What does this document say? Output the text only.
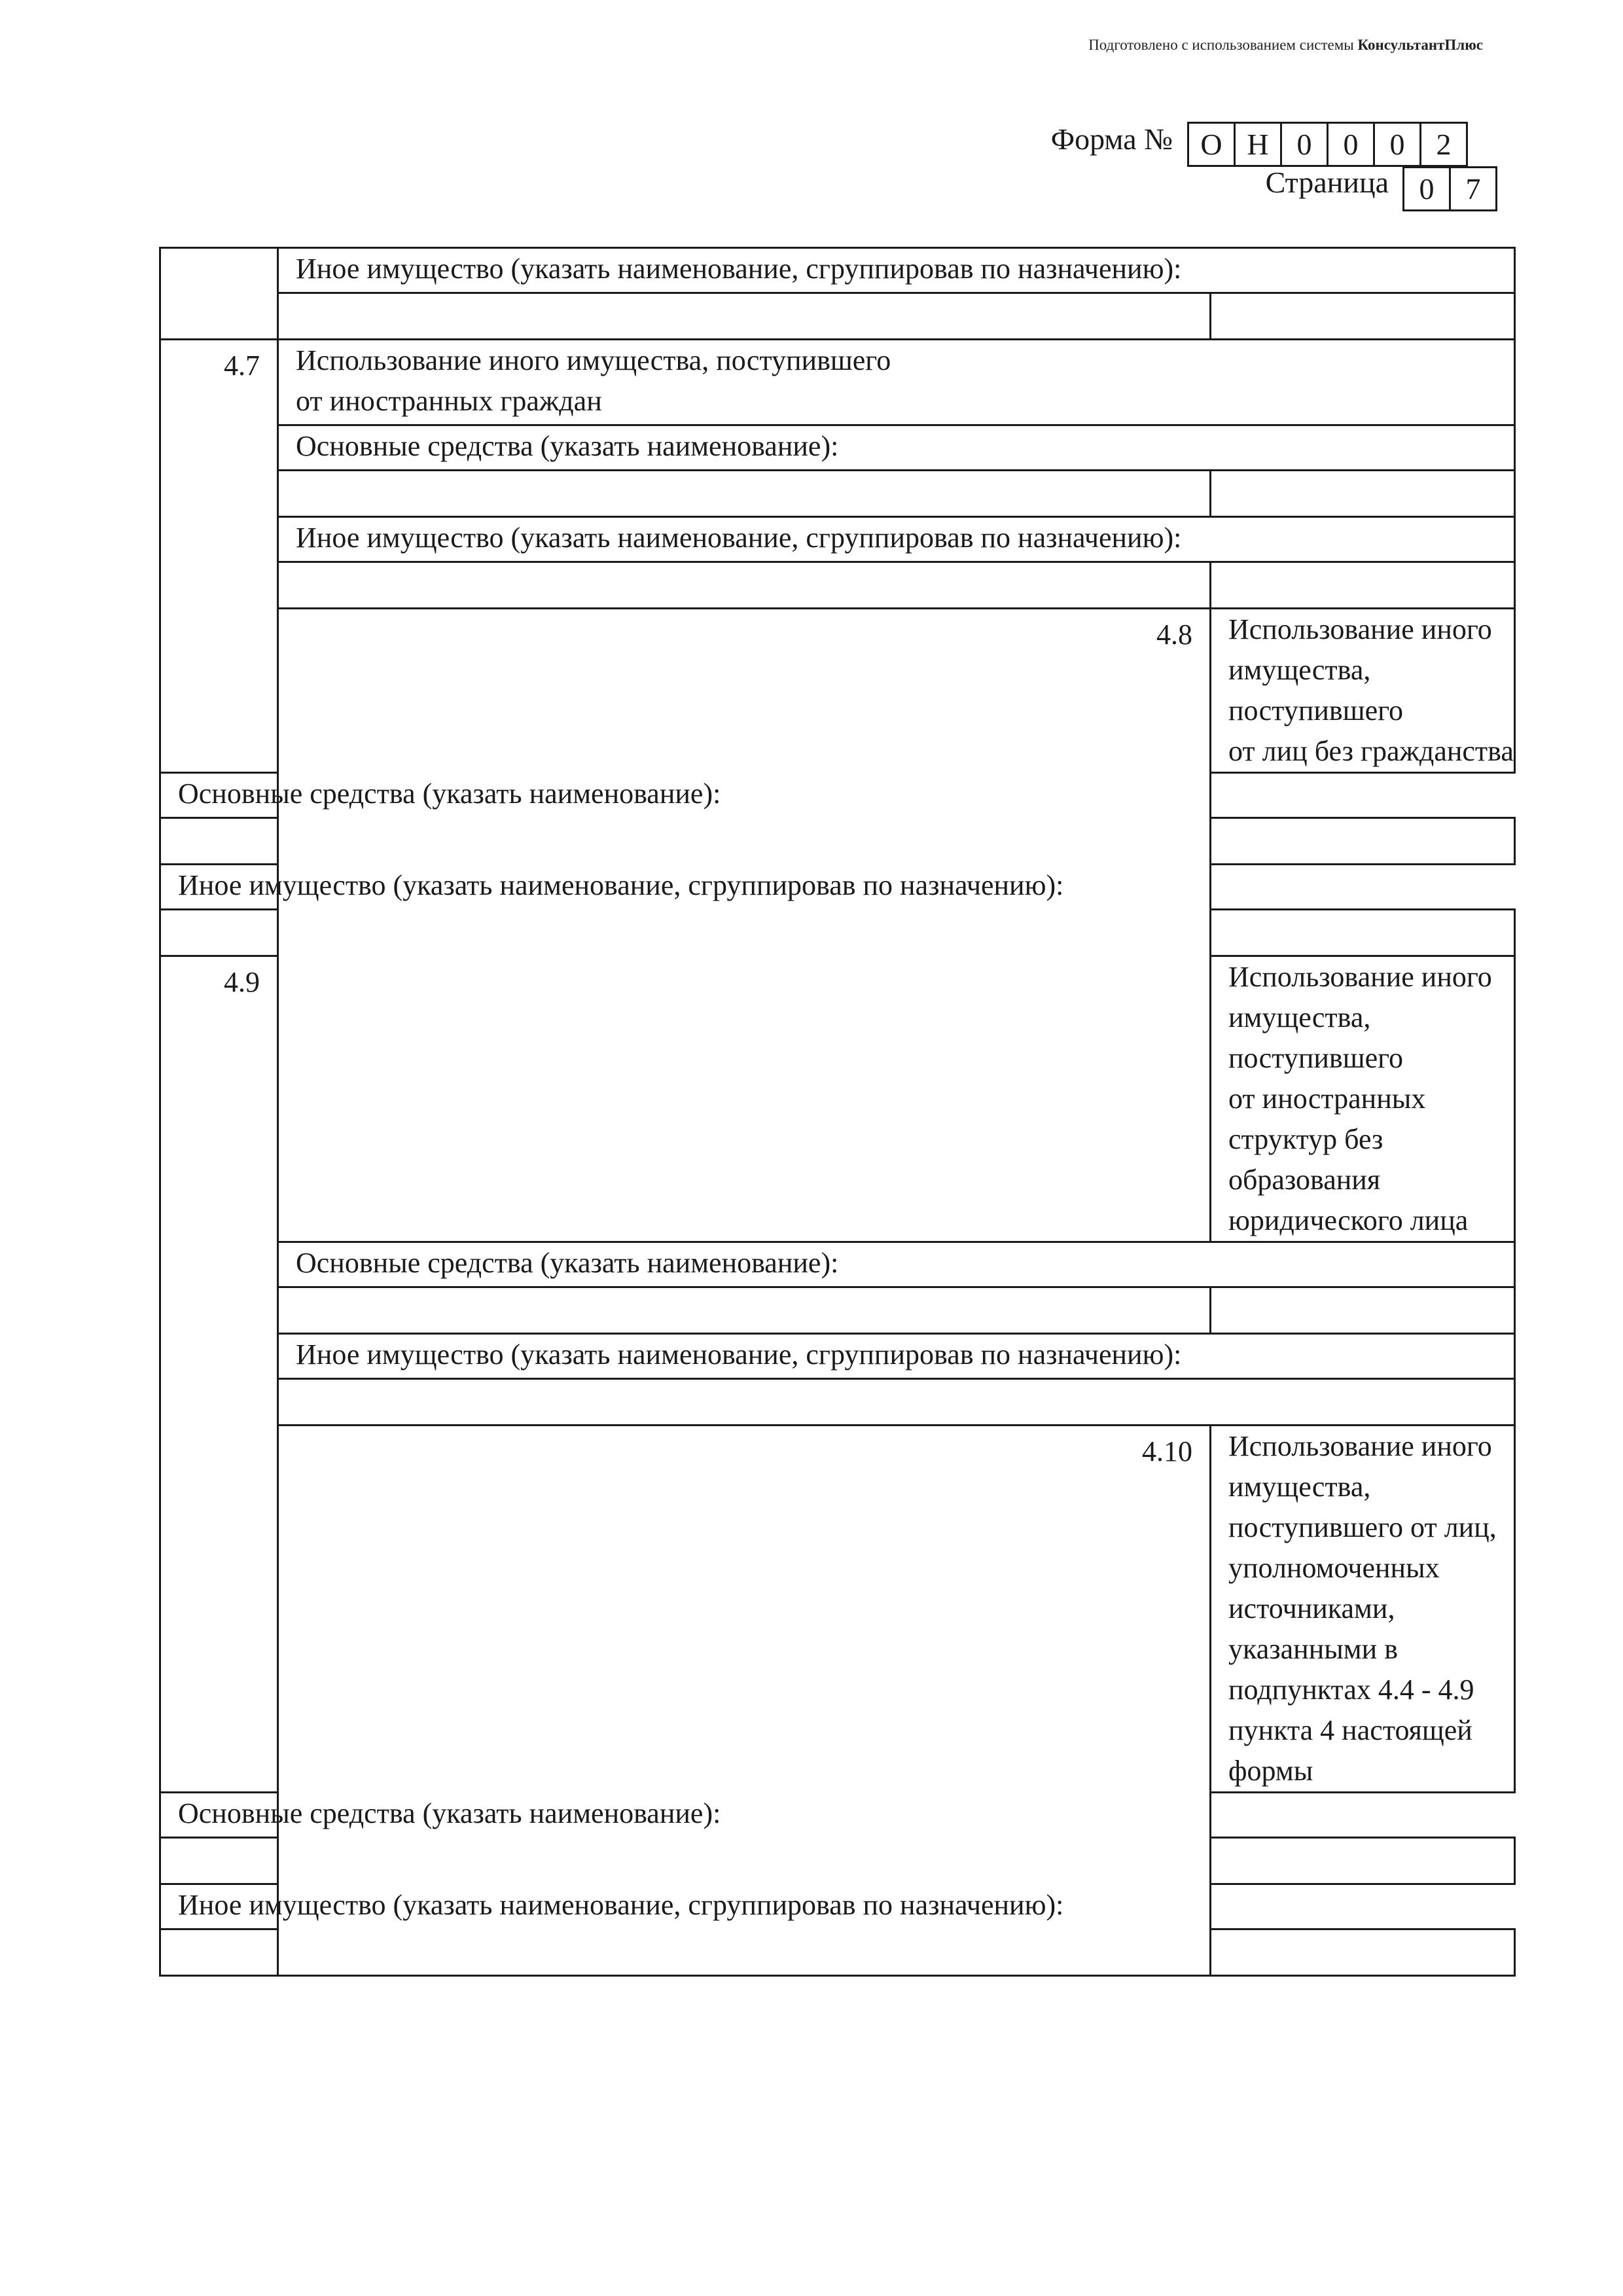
Подготовлено с использованием системы КонсультантПлюс
Форма № О	Н	0	0	0	2
Страница 0	7
	Иное имущество (указать наименование, сгруппировав по назначению):	

4.7	Использование иного имущества, поступившего
от иностранных граждан	

	Основные средства (указать наименование):	

	Иное имущество (указать наименование, сгруппировав по назначению):	

	4.8	Использование иного имущества, поступившего
от лиц без гражданства

Основные средства (указать наименование):		

Иное имущество (указать наименование, сгруппировав по назначению):		

4.9		Использование иного имущества, поступившего
от иностранных структур без образования юридического лица

	Основные средства (указать наименование):	

	Иное имущество (указать наименование, сгруппировав по назначению):	

	4.10	Использование иного имущества, поступившего от лиц, уполномоченных
источниками, указанными в подпунктах 4.4 - 4.9 пункта 4 настоящей формы

Основные средства (указать наименование):		

Иное имущество (указать наименование, сгруппировав по назначению):		
